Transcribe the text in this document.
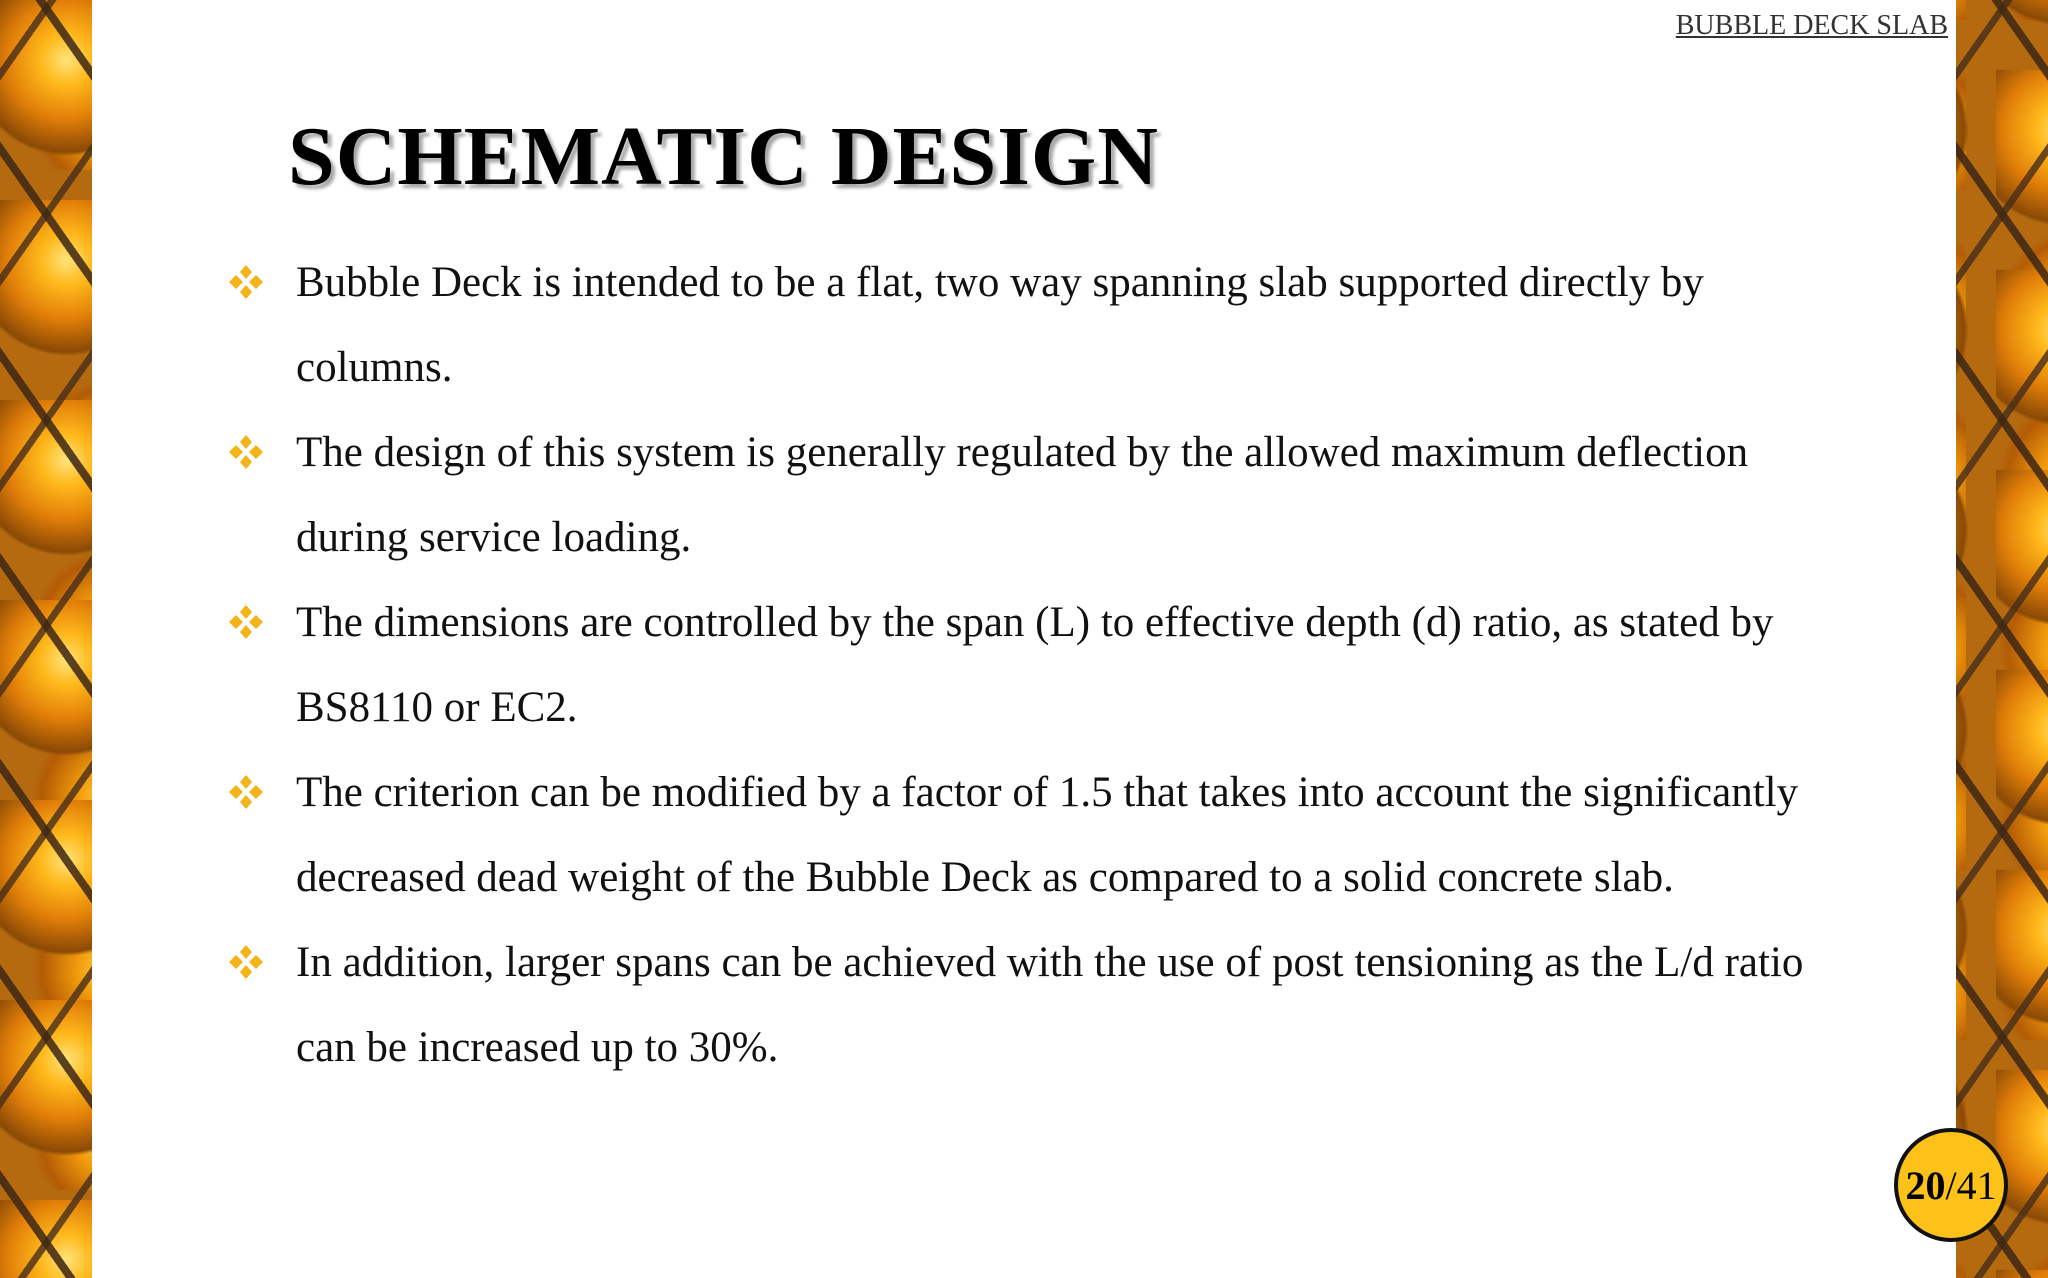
BUBBLE DECK SLAB
SCHEMATIC DESIGN
Bubble Deck is intended to be a flat, two way spanning slab supported directly by columns.
The design of this system is generally regulated by the allowed maximum deflection during service loading.
The dimensions are controlled by the span (L) to effective depth (d) ratio, as stated by BS8110 or EC2.
The criterion can be modified by a factor of 1.5 that takes into account the significantly decreased dead weight of the Bubble Deck as compared to a solid concrete slab.
In addition, larger spans can be achieved with the use of post tensioning as the L/d ratio can be increased up to 30%.
20 / 41
